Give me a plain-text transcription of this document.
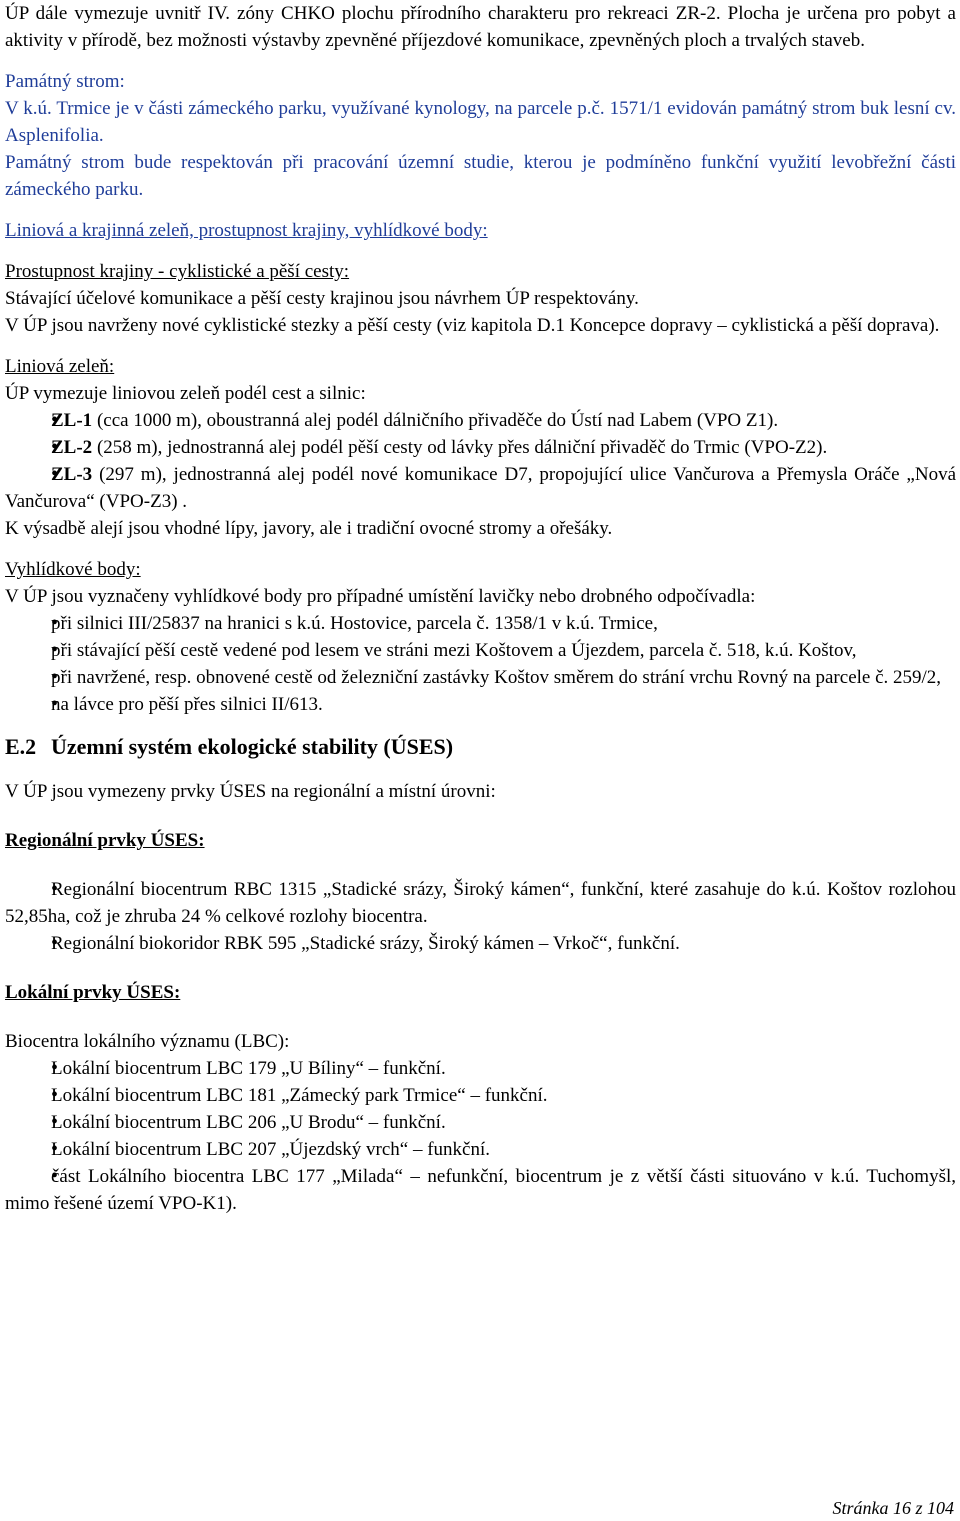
ÚP dále vymezuje uvnitř IV. zóny CHKO plochu přírodního charakteru pro rekreaci ZR-2. Plocha je určena pro pobyt a aktivity v přírodě, bez možnosti výstavby zpevněné příjezdové komunikace, zpevněných ploch a trvalých staveb.

Památný strom:

V k.ú. Trmice je v části zámeckého parku, využívané kynology, na parcele p.č. 1571/1 evidován památný strom buk lesní cv. Asplenifolia.

Památný strom bude respektován při pracování územní studie, kterou je podmíněno funkční využití levobřežní části zámeckého parku.

Liniová a krajinná zeleň, prostupnost krajiny, vyhlídkové body:

Prostupnost krajiny - cyklistické a pěší cesty:

Stávající účelové komunikace a pěší cesty krajinou jsou návrhem ÚP respektovány.

V ÚP jsou navrženy nové cyklistické stezky a pěší cesty (viz kapitola D.1 Koncepce dopravy – cyklistická a pěší doprava).

Liniová zeleň:

ÚP vymezuje liniovou zeleň podél cest a silnic:

• ZL-1 (cca 1000 m), oboustranná alej podél dálničního přivaděče do Ústí nad Labem (VPO Z1).

• ZL-2 (258 m), jednostranná alej podél pěší cesty od lávky přes dálniční přivaděč do Trmic (VPO-Z2).

• ZL-3 (297 m), jednostranná alej podél nové komunikace D7, propojující ulice Vančurova a Přemysla Oráče „Nová Vančurova“ (VPO-Z3) .

K výsadbě alejí jsou vhodné lípy, javory, ale i tradiční ovocné stromy a ořešáky.

Vyhlídkové body:

V ÚP jsou vyznačeny vyhlídkové body pro případné umístění lavičky nebo drobného odpočívadla:

• při silnici III/25837 na hranici s k.ú. Hostovice, parcela č. 1358/1 v k.ú. Trmice,

• při stávající pěší cestě vedené pod lesem ve stráni mezi Koštovem a Újezdem, parcela č. 518, k.ú. Koštov,

• při navržené, resp. obnovené cestě od železniční zastávky Koštov směrem do strání vrchu Rovný na parcele č. 259/2,

• na lávce pro pěší přes silnici II/613.

E.2 Územní systém ekologické stability (ÚSES)

V ÚP jsou vymezeny prvky ÚSES na regionální a místní úrovni:

Regionální prvky ÚSES:

• Regionální biocentrum RBC 1315 „Stadické srázy, Široký kámen“, funkční, které zasahuje do k.ú. Koštov rozlohou 52,85ha, což je zhruba 24 % celkové rozlohy biocentra.

• Regionální biokoridor RBK 595 „Stadické srázy, Široký kámen – Vrkoč“, funkční.

Lokální prvky ÚSES:

Biocentra lokálního významu (LBC):

• Lokální biocentrum LBC 179 „U Bíliny“ – funkční.

• Lokální biocentrum LBC 181 „Zámecký park Trmice“ – funkční.

• Lokální biocentrum LBC 206 „U Brodu“ – funkční.

• Lokální biocentrum LBC 207 „Újezdský vrch“ – funkční.

• část Lokálního biocentra LBC 177 „Milada“ – nefunkční, biocentrum je z větší části situováno v k.ú. Tuchomyšl, mimo řešené území VPO-K1).

Stránka 16 z 104
